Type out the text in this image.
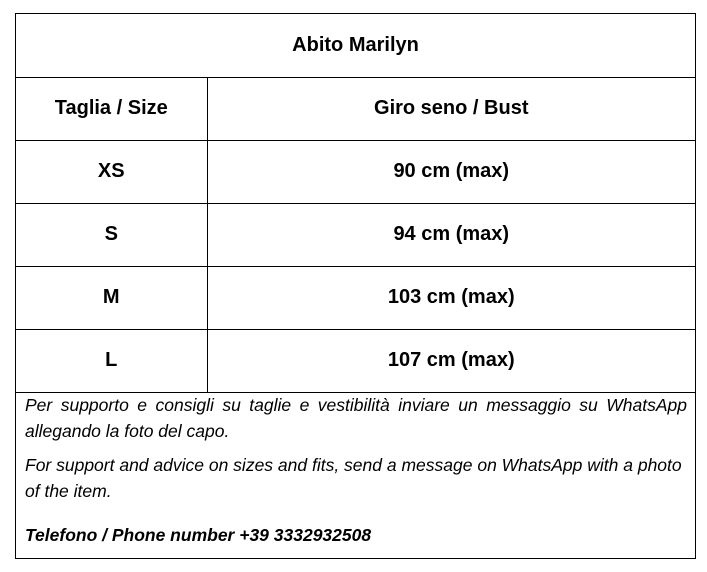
Abito Marilyn	
Taglia / Size	Giro seno / Bust
XS	90 cm (max)
S	94 cm (max)
M	103 cm (max)
L	107 cm (max)

Per supporto e consigli su taglie e vestibilità inviare un messaggio su WhatsApp allegando la foto del capo.

For support and advice on sizes and fits, send a message on WhatsApp with a photo of the item.

Telefono / Phone number +39 3332932508
